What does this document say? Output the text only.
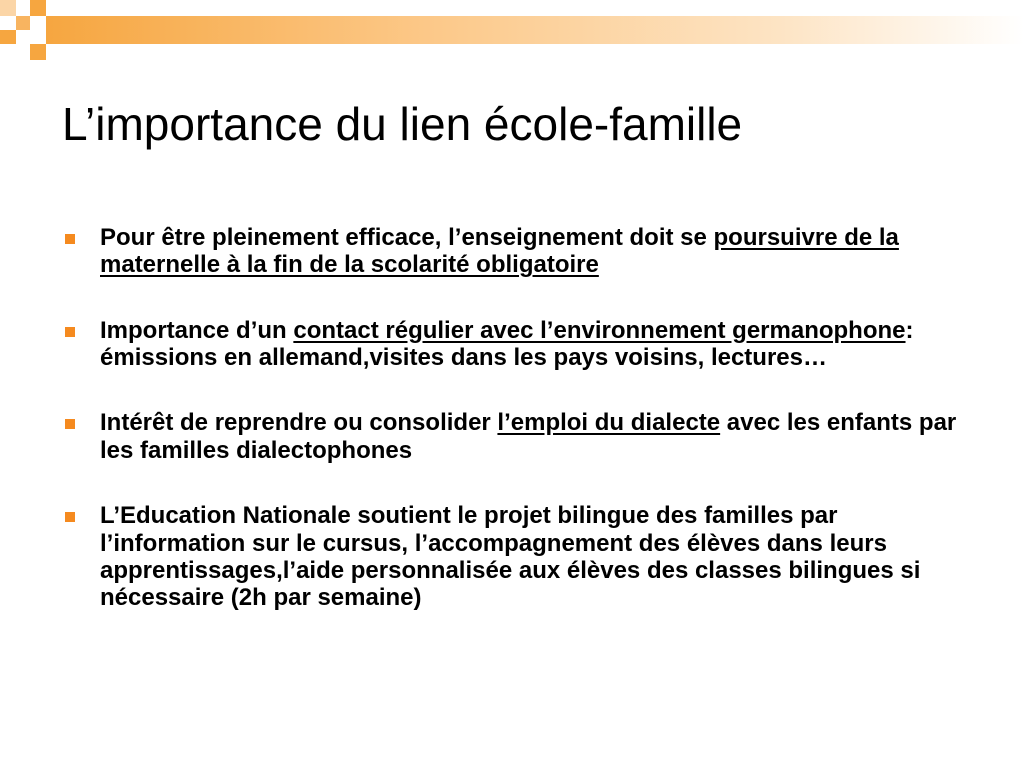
L’importance du lien école-famille
Pour être pleinement efficace, l’enseignement doit se poursuivre de la maternelle à la fin de la scolarité obligatoire
Importance d’un contact régulier avec l’environnement germanophone: émissions en allemand,visites dans les pays voisins, lectures…
Intérêt de reprendre ou consolider l’emploi du dialecte avec les enfants par les familles dialectophones
L’Education Nationale soutient le projet bilingue des familles par l’information sur le cursus, l’accompagnement des élèves dans leurs apprentissages,l’aide personnalisée aux élèves des classes bilingues si nécessaire (2h par semaine)
